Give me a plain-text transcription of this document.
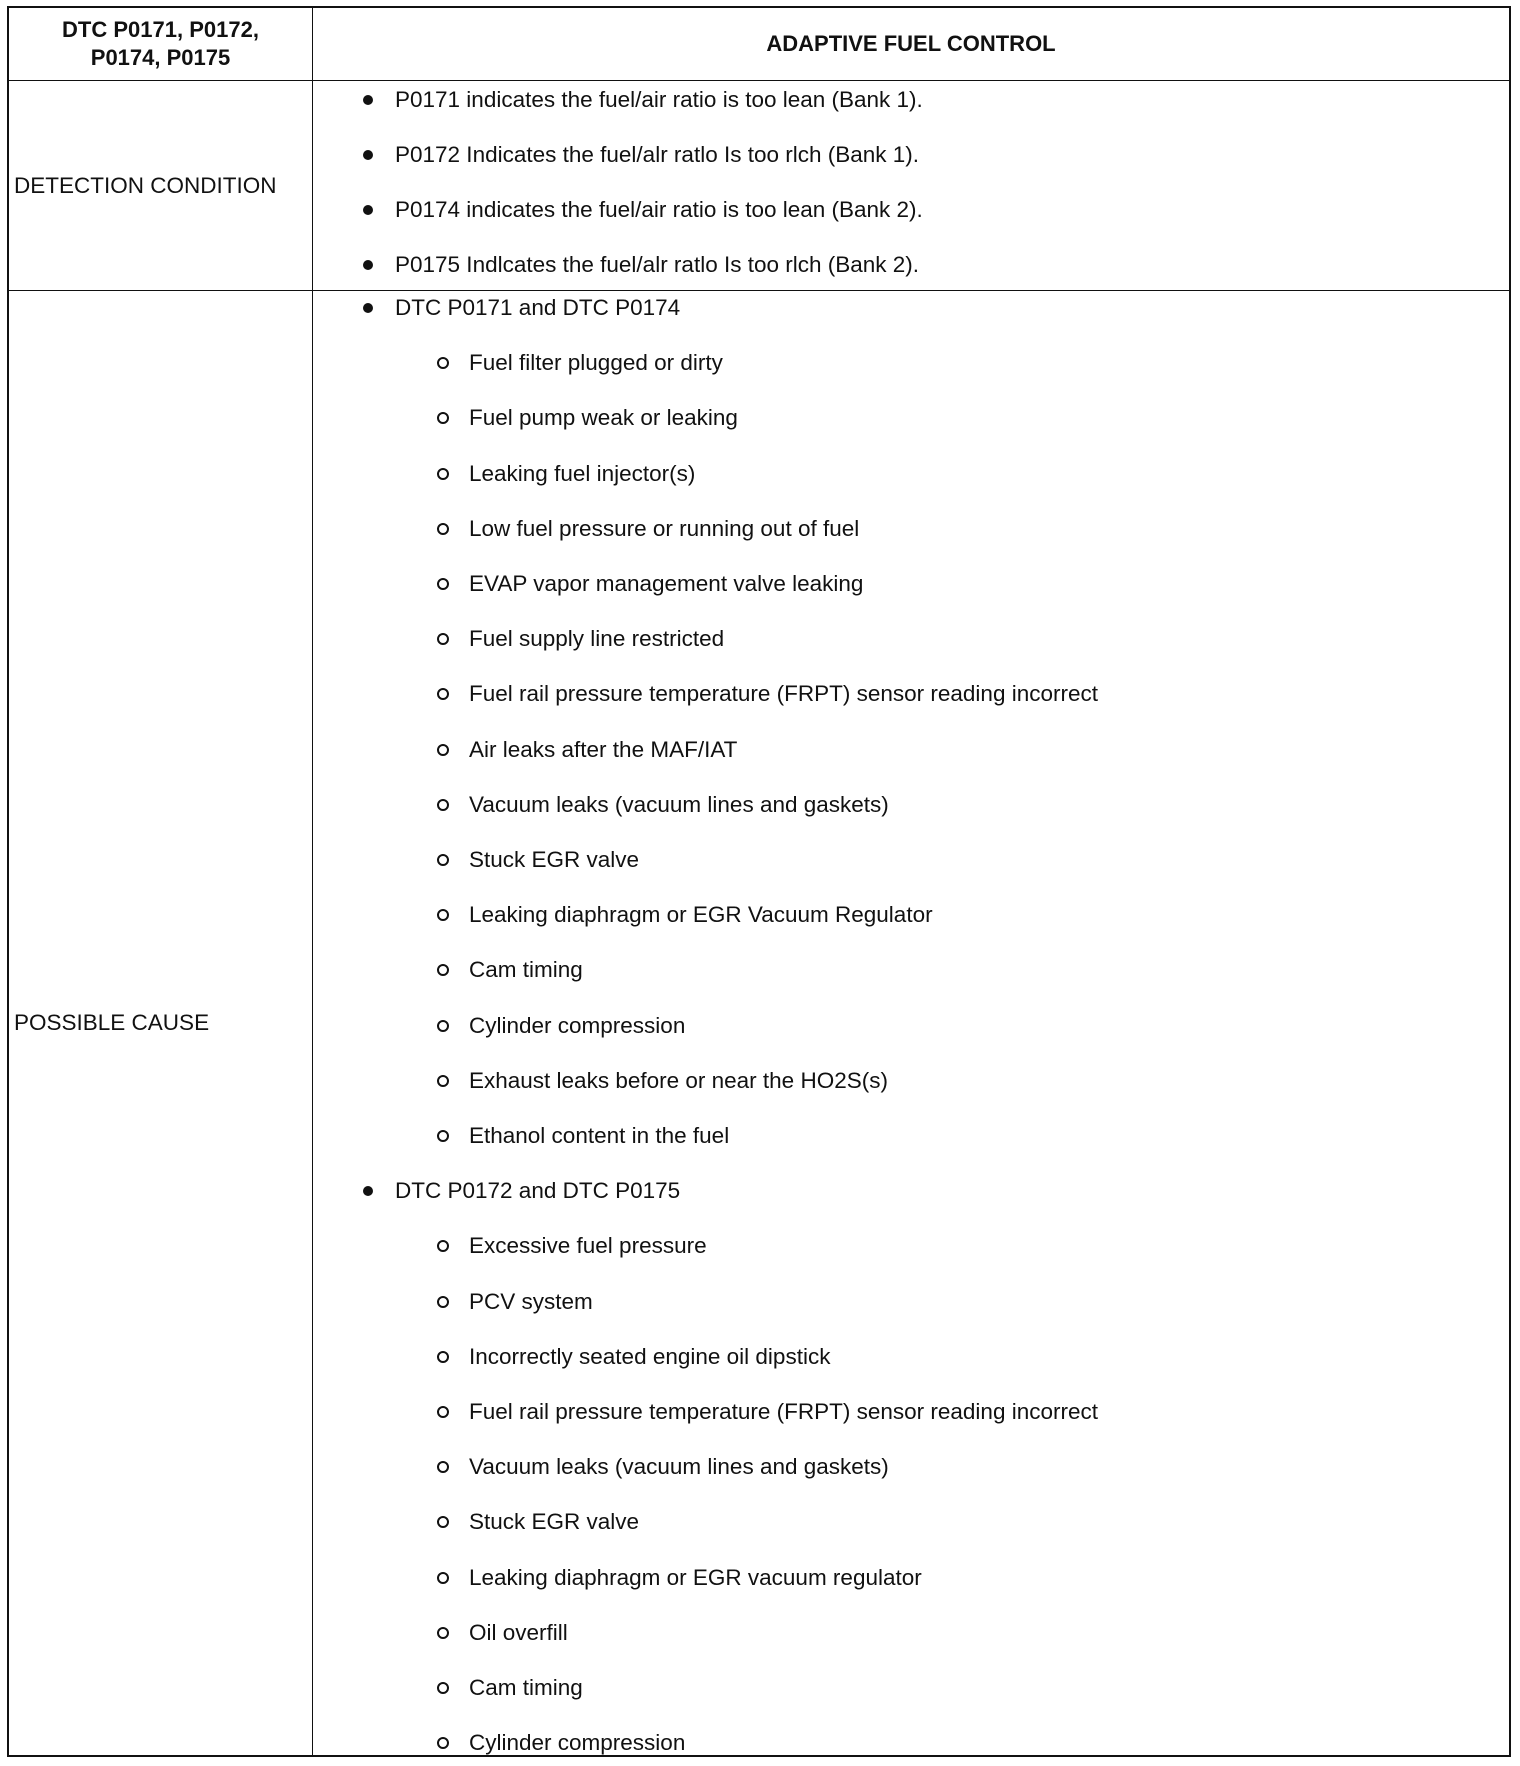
DTC P0171, P0172,
P0174, P0175
ADAPTIVE FUEL CONTROL
DETECTION CONDITION
P0171 indicates the fuel/air ratio is too lean (Bank 1).
P0172 Indicates the fuel/alr ratlo Is too rlch (Bank 1).
P0174 indicates the fuel/air ratio is too lean (Bank 2).
P0175 Indlcates the fuel/alr ratlo Is too rlch (Bank 2).
POSSIBLE CAUSE
DTC P0171 and DTC P0174
Fuel filter plugged or dirty
Fuel pump weak or leaking
Leaking fuel injector(s)
Low fuel pressure or running out of fuel
EVAP vapor management valve leaking
Fuel supply line restricted
Fuel rail pressure temperature (FRPT) sensor reading incorrect
Air leaks after the MAF/IAT
Vacuum leaks (vacuum lines and gaskets)
Stuck EGR valve
Leaking diaphragm or EGR Vacuum Regulator
Cam timing
Cylinder compression
Exhaust leaks before or near the HO2S(s)
Ethanol content in the fuel
DTC P0172 and DTC P0175
Excessive fuel pressure
PCV system
Incorrectly seated engine oil dipstick
Fuel rail pressure temperature (FRPT) sensor reading incorrect
Vacuum leaks (vacuum lines and gaskets)
Stuck EGR valve
Leaking diaphragm or EGR vacuum regulator
Oil overfill
Cam timing
Cylinder compression
